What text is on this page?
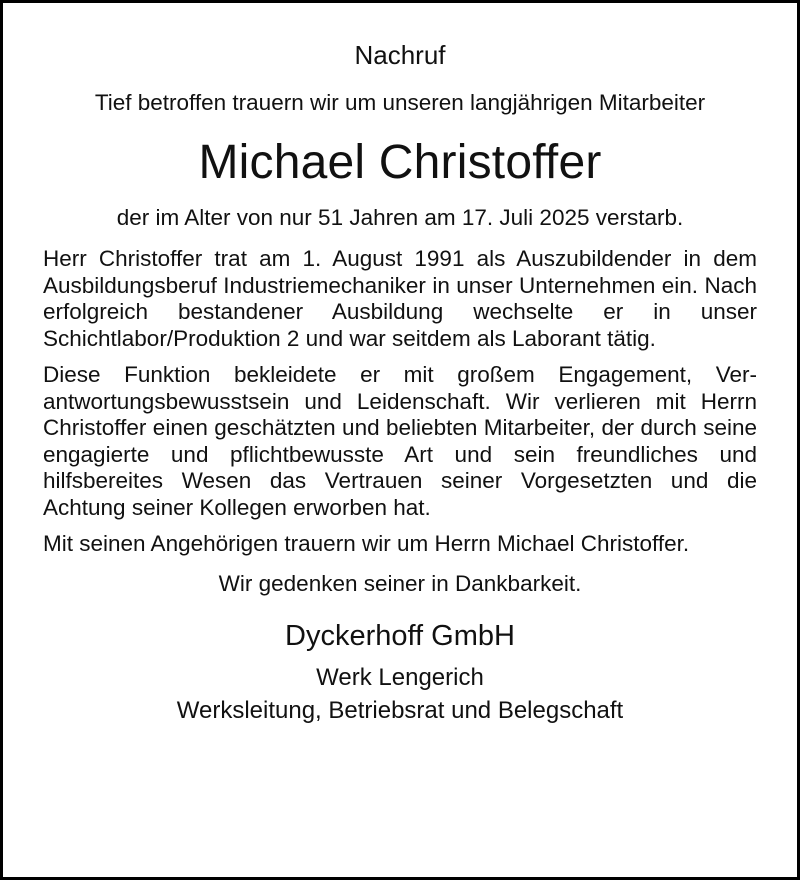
Nachruf
Tief betroffen trauern wir um unseren langjährigen Mitarbeiter
Michael Christoffer
der im Alter von nur 51 Jahren am 17. Juli 2025 verstarb.

Herr Christoffer trat am 1. August 1991 als Auszubildender in dem Ausbildungsberuf Industriemechaniker in unser Unternehmen ein. Nach erfolgreich bestandener Ausbildung wechselte er in unser Schichtlabor/Produktion 2 und war seitdem als Laborant tätig.

Diese Funktion bekleidete er mit großem Engagement, Verantwortungsbewusstsein und Leidenschaft. Wir verlieren mit Herrn Christoffer einen geschätzten und beliebten Mitarbeiter, der durch seine engagierte und pflichtbewusste Art und sein freundliches und hilfsbereites Wesen das Vertrauen seiner Vorgesetzten und die Achtung seiner Kollegen erworben hat.

Mit seinen Angehörigen trauern wir um Herrn Michael Christoffer.

Wir gedenken seiner in Dankbarkeit.
Dyckerhoff GmbH
Werk Lengerich
Werksleitung, Betriebsrat und Belegschaft
